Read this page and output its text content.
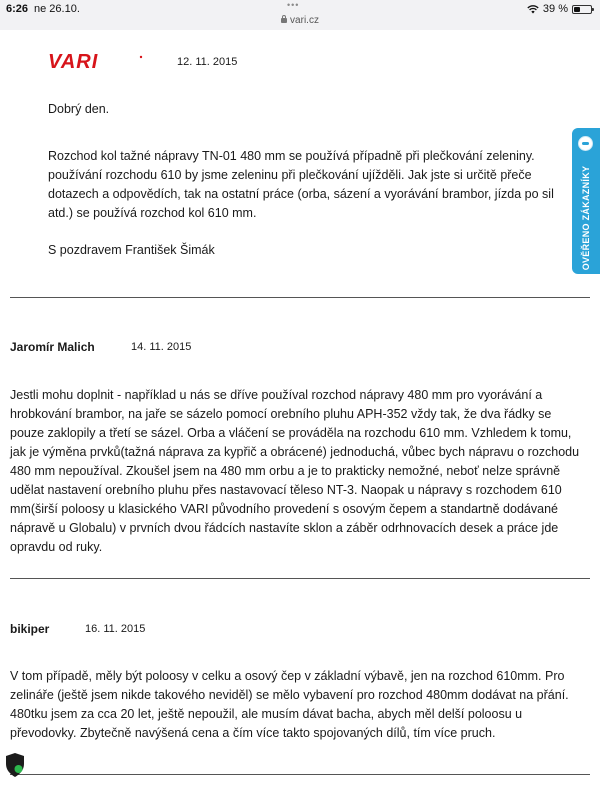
6:26 ne 26.10.	•••
vari.cz
39 %
VARI	12. 11. 2015

Dobrý den.

Rozchod kol tažné nápravy TN-01 480 mm se používá případně při plečkování zeleniny.
používání rozchodu 610 by jsme zeleninu při plečkování ujížděli. Jak jste si určitě přeče
dotazech a odpovědích, tak na ostatní práce (orba, sázení a vyorávání brambor, jízda po sil
atd.) se používá rozchod kol 610 mm.

S pozdravem František Šimák

Jaromír Malich	14. 11. 2015
Jestli mohu doplnit - například u nás se dříve používal rozchod nápravy 480 mm pro vyorávání a
hrobkování brambor, na jaře se sázelo pomocí orebního pluhu APH-352 vždy tak, že dva řádky se
pouze zaklopily a třetí se sázel. Orba a vláčení se prováděla na rozchodu 610 mm. Vzhledem k tomu,
jak je výměna prvků(tažná náprava za kypřič a obrácené) jednoduchá, vůbec bych nápravu o rozchodu
480 mm nepoužíval. Zkoušel jsem na 480 mm orbu a je to prakticky nemožné, neboť nelze správně
udělat nastavení orebního pluhu přes nastavovací těleso NT-3. Naopak u nápravy s rozchodem 610
mm(širší poloosy u klasického VARI původního provedení s osovým čepem a standartně dodávané
nápravě u Globalu) v prvních dvou řádcích nastavíte sklon a záběr odrhnovacích desek a práce jde
opravdu od ruky.
bikiper	16. 11. 2015
V tom případě, měly být poloosy v celku a osový čep v základní výbavě, jen na rozchod 610mm. Pro
zelináře (ještě jsem nikde takového neviděl) se mělo vybavení pro rozchod 480mm dodávat na přání.
480tku jsem za cca 20 let, ještě nepoužil, ale musím dávat bacha, abych měl delší poloosu u
převodovky. Zbytečně navýšená cena a čím více takto spojovaných dílů, tím více pruch.
OVĚŘENO ZÁKAZNÍKY
